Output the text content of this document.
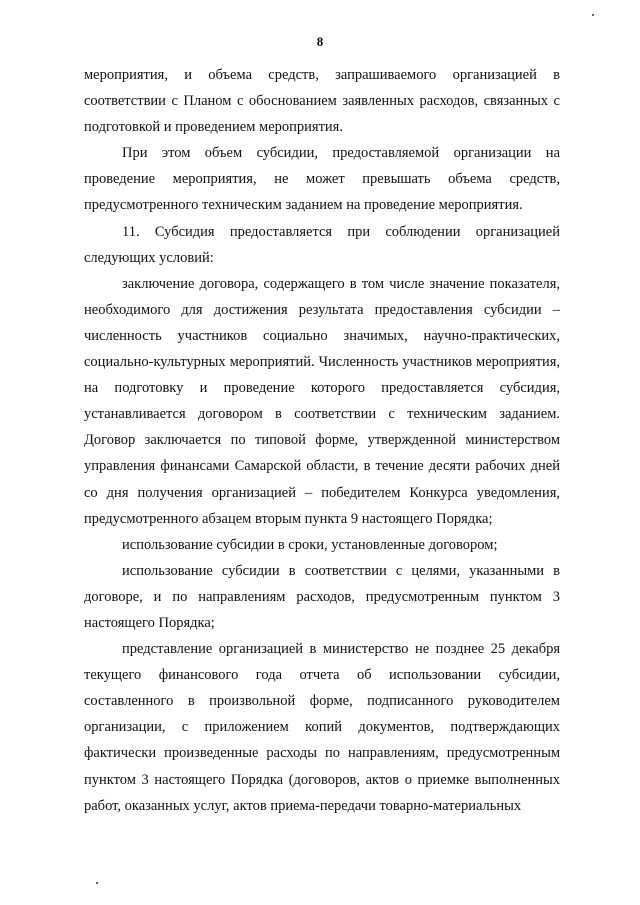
8

мероприятия, и объема средств, запрашиваемого организацией в соответствии с Планом с обоснованием заявленных расходов, связанных с подготовкой и проведением мероприятия.

При этом объем субсидии, предоставляемой организации на проведение мероприятия, не может превышать объема средств, предусмотренного техническим заданием на проведение мероприятия.

11. Субсидия предоставляется при соблюдении организацией следующих условий:

заключение договора, содержащего в том числе значение показателя, необходимого для достижения результата предоставления субсидии – численность участников социально значимых, научно-практических, социально-культурных мероприятий. Численность участников мероприятия, на подготовку и проведение которого предоставляется субсидия, устанавливается договором в соответствии с техническим заданием. Договор заключается по типовой форме, утвержденной министерством управления финансами Самарской области, в течение десяти рабочих дней со дня получения организацией – победителем Конкурса уведомления, предусмотренного абзацем вторым пункта 9 настоящего Порядка;

использование субсидии в сроки, установленные договором;

использование субсидии в соответствии с целями, указанными в договоре, и по направлениям расходов, предусмотренным пунктом 3 настоящего Порядка;

представление организацией в министерство не позднее 25 декабря текущего финансового года отчета об использовании субсидии, составленного в произвольной форме, подписанного руководителем организации, с приложением копий документов, подтверждающих фактически произведенные расходы по направлениям, предусмотренным пунктом 3 настоящего Порядка (договоров, актов о приемке выполненных работ, оказанных услуг, актов приема-передачи товарно-материальных
